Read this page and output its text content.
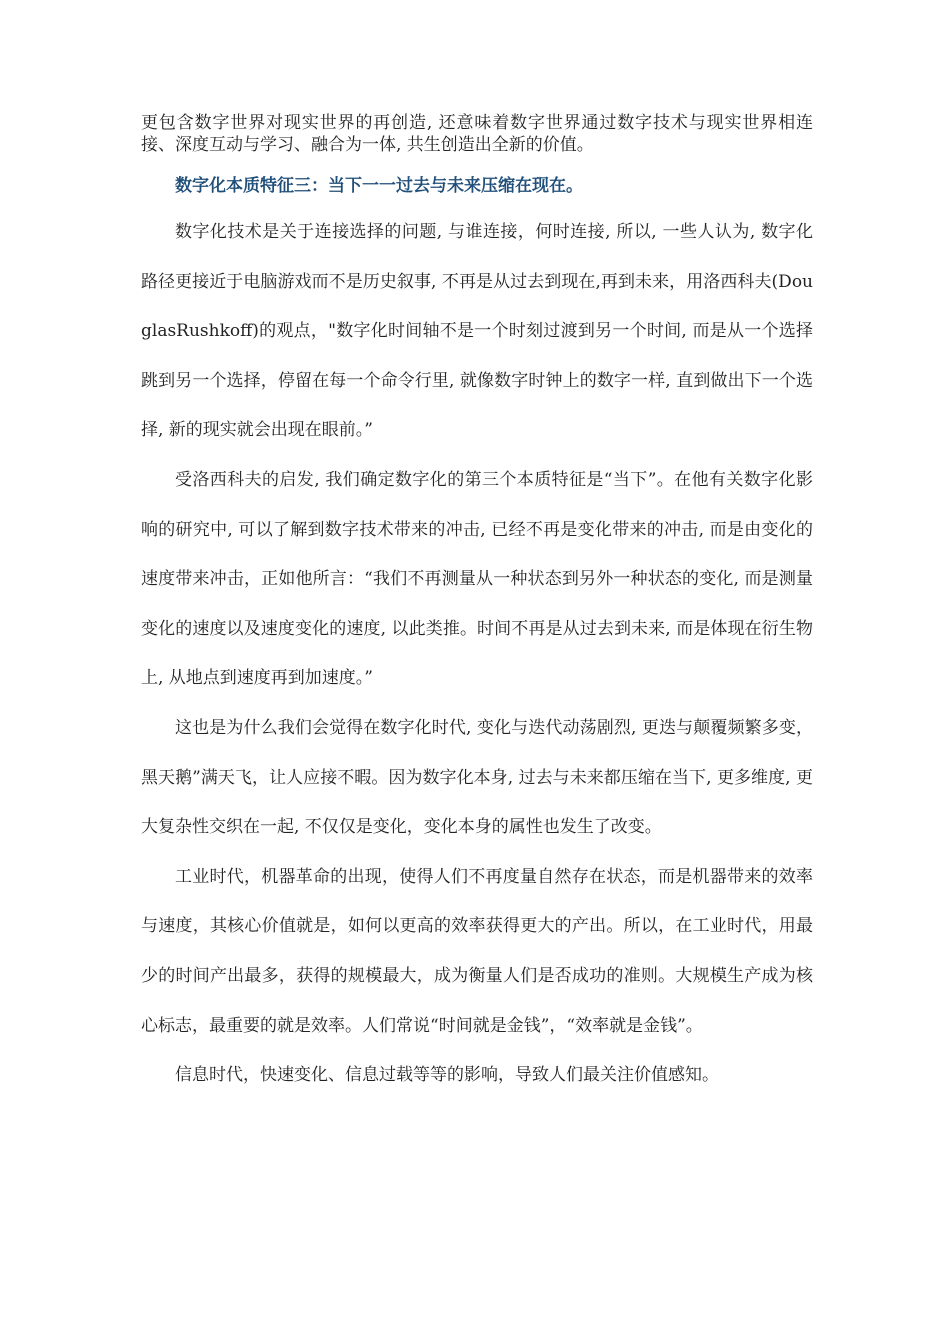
更包含数字世界对现实世界的再创造, 还意味着数字世界通过数字技术与现实世界相连接、深度互动与学习、融合为一体, 共生创造出全新的价值。

数字化本质特征三：当下一一过去与未来压缩在现在。

数字化技术是关于连接选择的问题, 与谁连接，何时连接, 所以, 一些人认为, 数字化路径更接近于电脑游戏而不是历史叙事, 不再是从过去到现在,再到未来，用洛西科夫(DouglasRushkoff)的观点，"数字化时间轴不是一个时刻过渡到另一个时间, 而是从一个选择跳到另一个选择，停留在每一个命令行里, 就像数字时钟上的数字一样, 直到做出下一个选择, 新的现实就会出现在眼前。”

受洛西科夫的启发, 我们确定数字化的第三个本质特征是“当下”。在他有关数字化影响的研究中, 可以了解到数字技术带来的冲击, 已经不再是变化带来的冲击, 而是由变化的速度带来冲击，正如他所言：“我们不再测量从一种状态到另外一种状态的变化, 而是测量变化的速度以及速度变化的速度, 以此类推。时间不再是从过去到未来, 而是体现在衍生物上, 从地点到速度再到加速度。”

这也是为什么我们会觉得在数字化时代, 变化与迭代动荡剧烈, 更迭与颠覆频繁多变，黑天鹅”满天飞，让人应接不暇。因为数字化本身, 过去与未来都压缩在当下, 更多维度, 更大复杂性交织在一起, 不仅仅是变化，变化本身的属性也发生了改变。

工业时代，机器革命的出现，使得人们不再度量自然存在状态，而是机器带来的效率与速度，其核心价值就是，如何以更高的效率获得更大的产出。所以，在工业时代，用最少的时间产出最多，获得的规模最大，成为衡量人们是否成功的准则。大规模生产成为核心标志，最重要的就是效率。人们常说“时间就是金钱”，“效率就是金钱”。

信息时代，快速变化、信息过载等等的影响，导致人们最关注价值感知。
